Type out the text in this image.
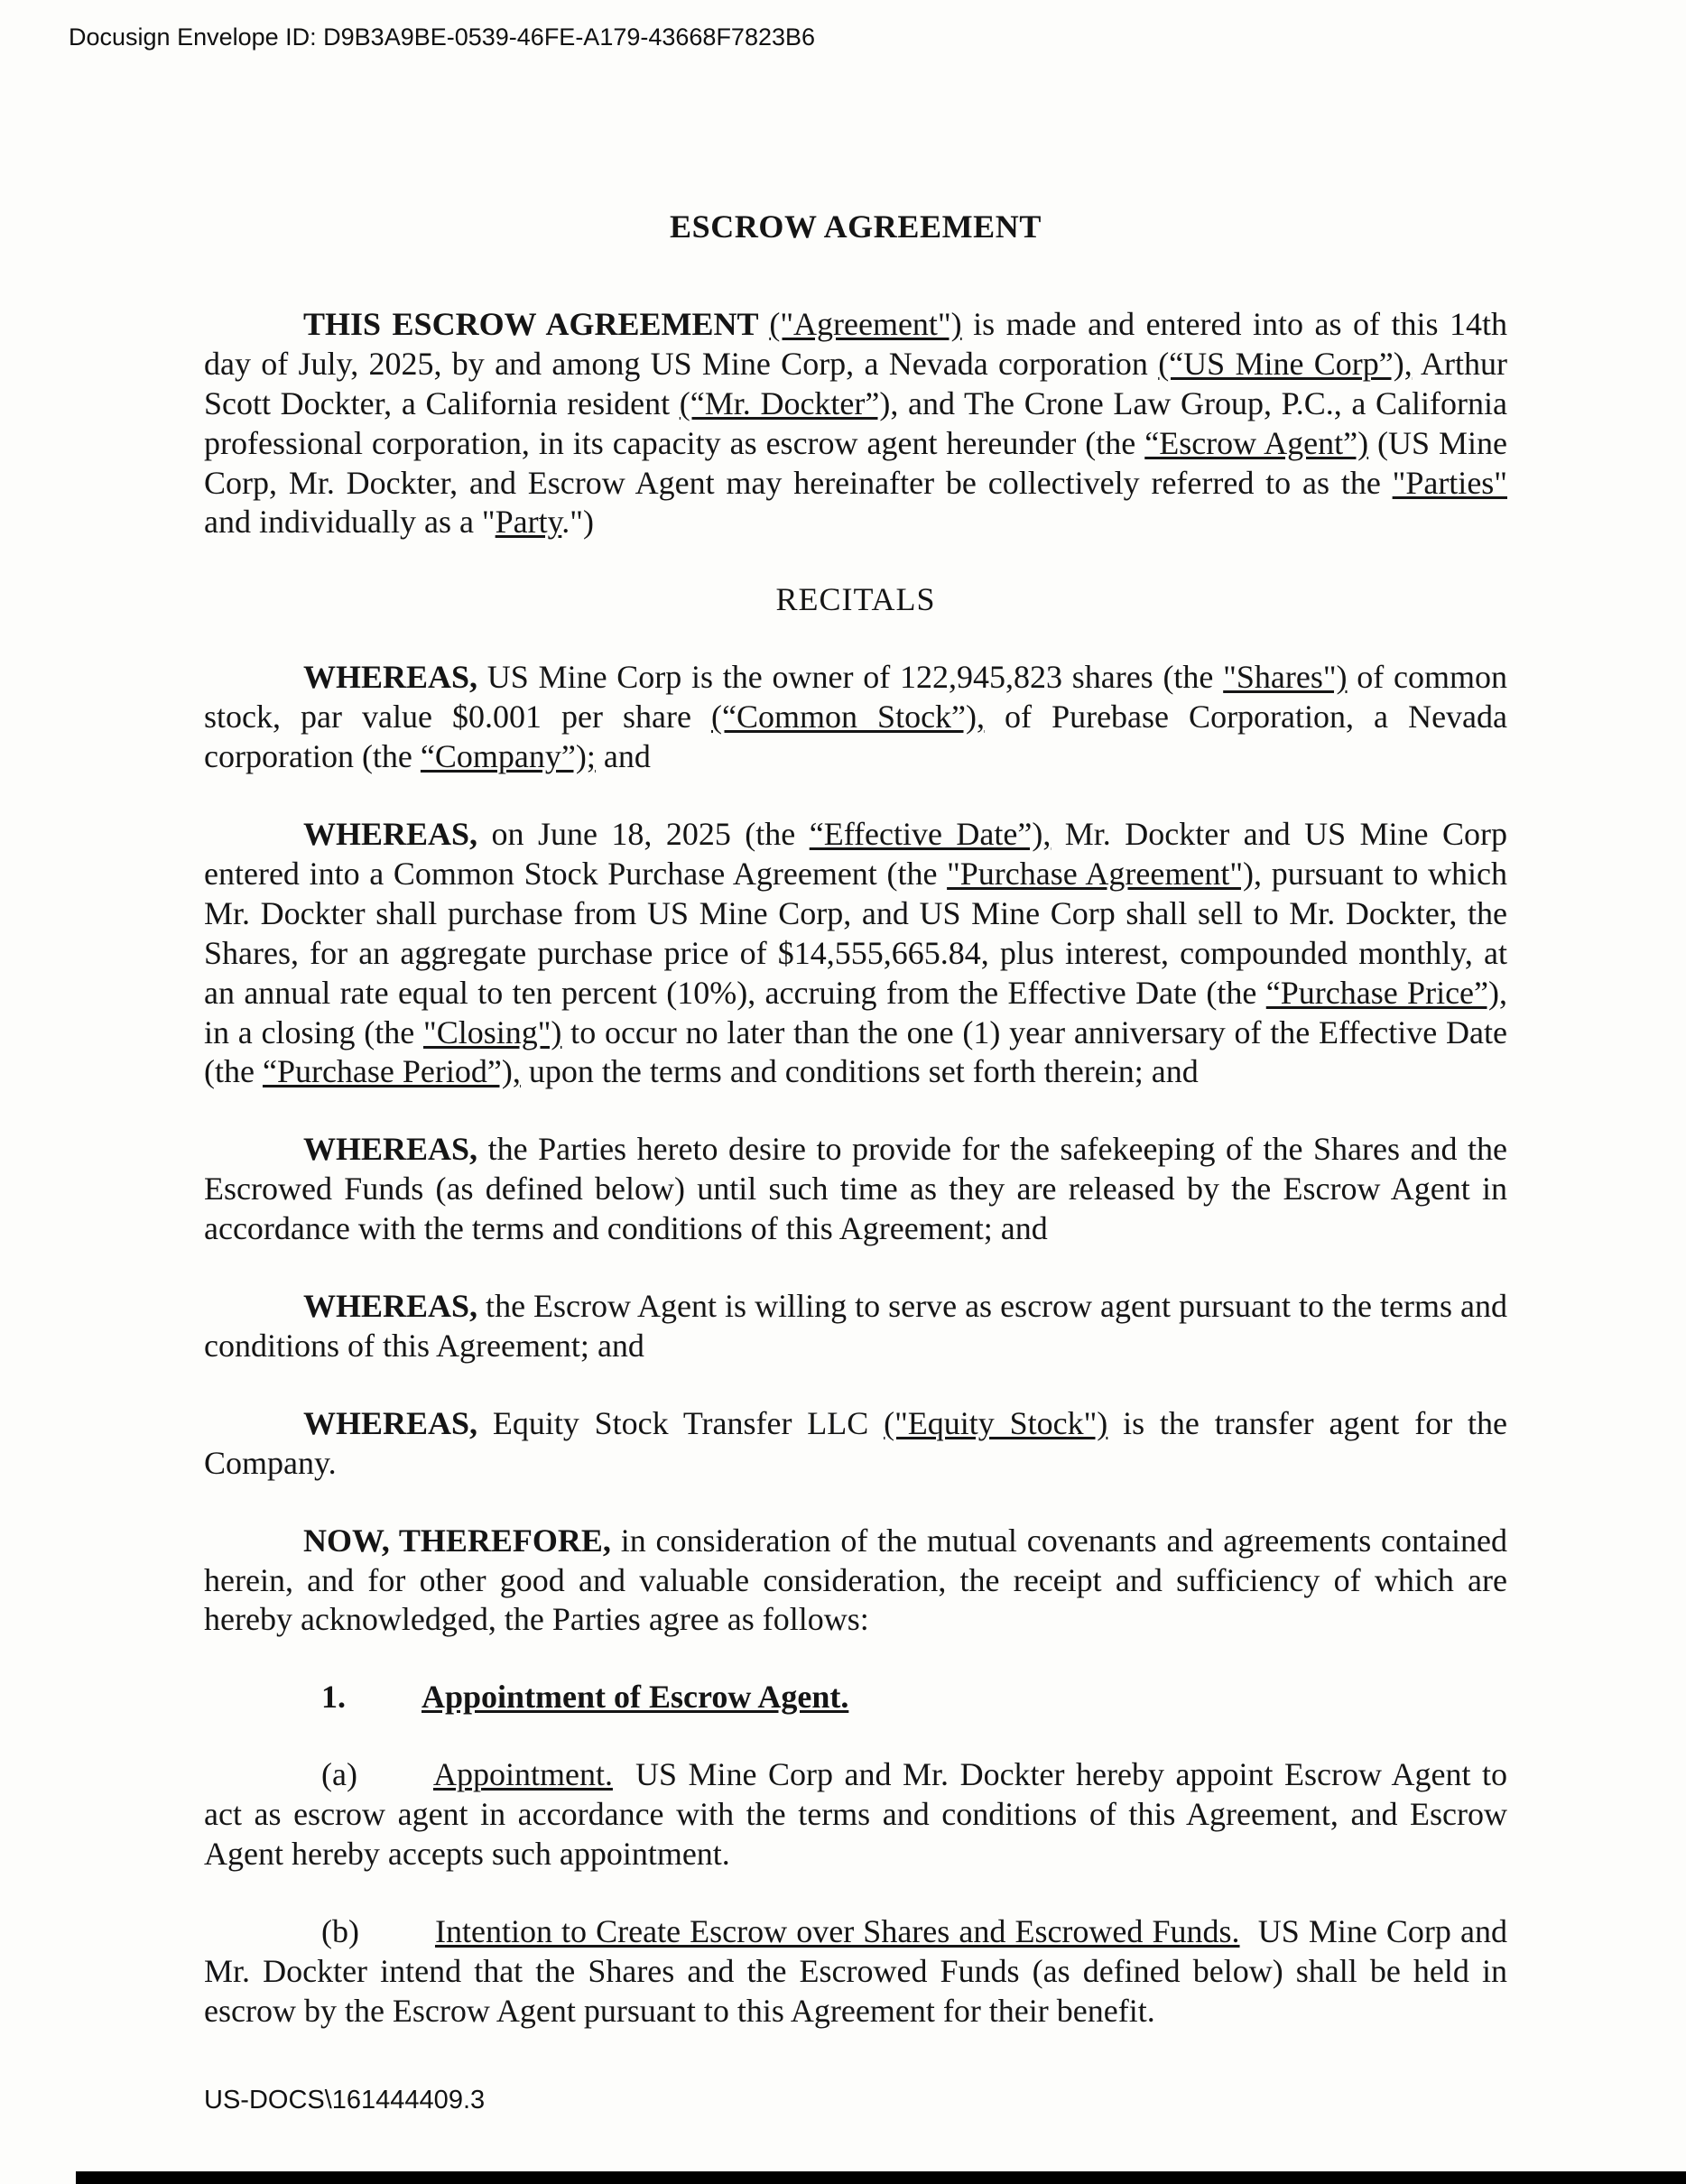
Docusign Envelope ID: D9B3A9BE-0539-46FE-A179-43668F7823B6
ESCROW AGREEMENT
THIS ESCROW AGREEMENT ("Agreement") is made and entered into as of this 14th day of July, 2025, by and among US Mine Corp, a Nevada corporation (“US Mine Corp”), Arthur Scott Dockter, a California resident (“Mr. Dockter”), and The Crone Law Group, P.C., a California professional corporation, in its capacity as escrow agent hereunder (the “Escrow Agent”) (US Mine Corp, Mr. Dockter, and Escrow Agent may hereinafter be collectively referred to as the "Parties" and individually as a "Party.")
RECITALS
WHEREAS, US Mine Corp is the owner of 122,945,823 shares (the "Shares") of common stock, par value $0.001 per share (“Common Stock”), of Purebase Corporation, a Nevada corporation (the “Company”); and
WHEREAS, on June 18, 2025 (the “Effective Date”), Mr. Dockter and US Mine Corp entered into a Common Stock Purchase Agreement (the "Purchase Agreement"), pursuant to which Mr. Dockter shall purchase from US Mine Corp, and US Mine Corp shall sell to Mr. Dockter, the Shares, for an aggregate purchase price of $14,555,665.84, plus interest, compounded monthly, at an annual rate equal to ten percent (10%), accruing from the Effective Date (the “Purchase Price”), in a closing (the "Closing") to occur no later than the one (1) year anniversary of the Effective Date (the “Purchase Period”), upon the terms and conditions set forth therein; and
WHEREAS, the Parties hereto desire to provide for the safekeeping of the Shares and the Escrowed Funds (as defined below) until such time as they are released by the Escrow Agent in accordance with the terms and conditions of this Agreement; and
WHEREAS, the Escrow Agent is willing to serve as escrow agent pursuant to the terms and conditions of this Agreement; and
WHEREAS, Equity Stock Transfer LLC ("Equity Stock") is the transfer agent for the Company.
NOW, THEREFORE, in consideration of the mutual covenants and agreements contained herein, and for other good and valuable consideration, the receipt and sufficiency of which are hereby acknowledged, the Parties agree as follows:
1. Appointment of Escrow Agent.
(a) Appointment.  US Mine Corp and Mr. Dockter hereby appoint Escrow Agent to act as escrow agent in accordance with the terms and conditions of this Agreement, and Escrow Agent hereby accepts such appointment.
(b) Intention to Create Escrow over Shares and Escrowed Funds.  US Mine Corp and Mr. Dockter intend that the Shares and the Escrowed Funds (as defined below) shall be held in escrow by the Escrow Agent pursuant to this Agreement for their benefit.
US-DOCS\161444409.3
